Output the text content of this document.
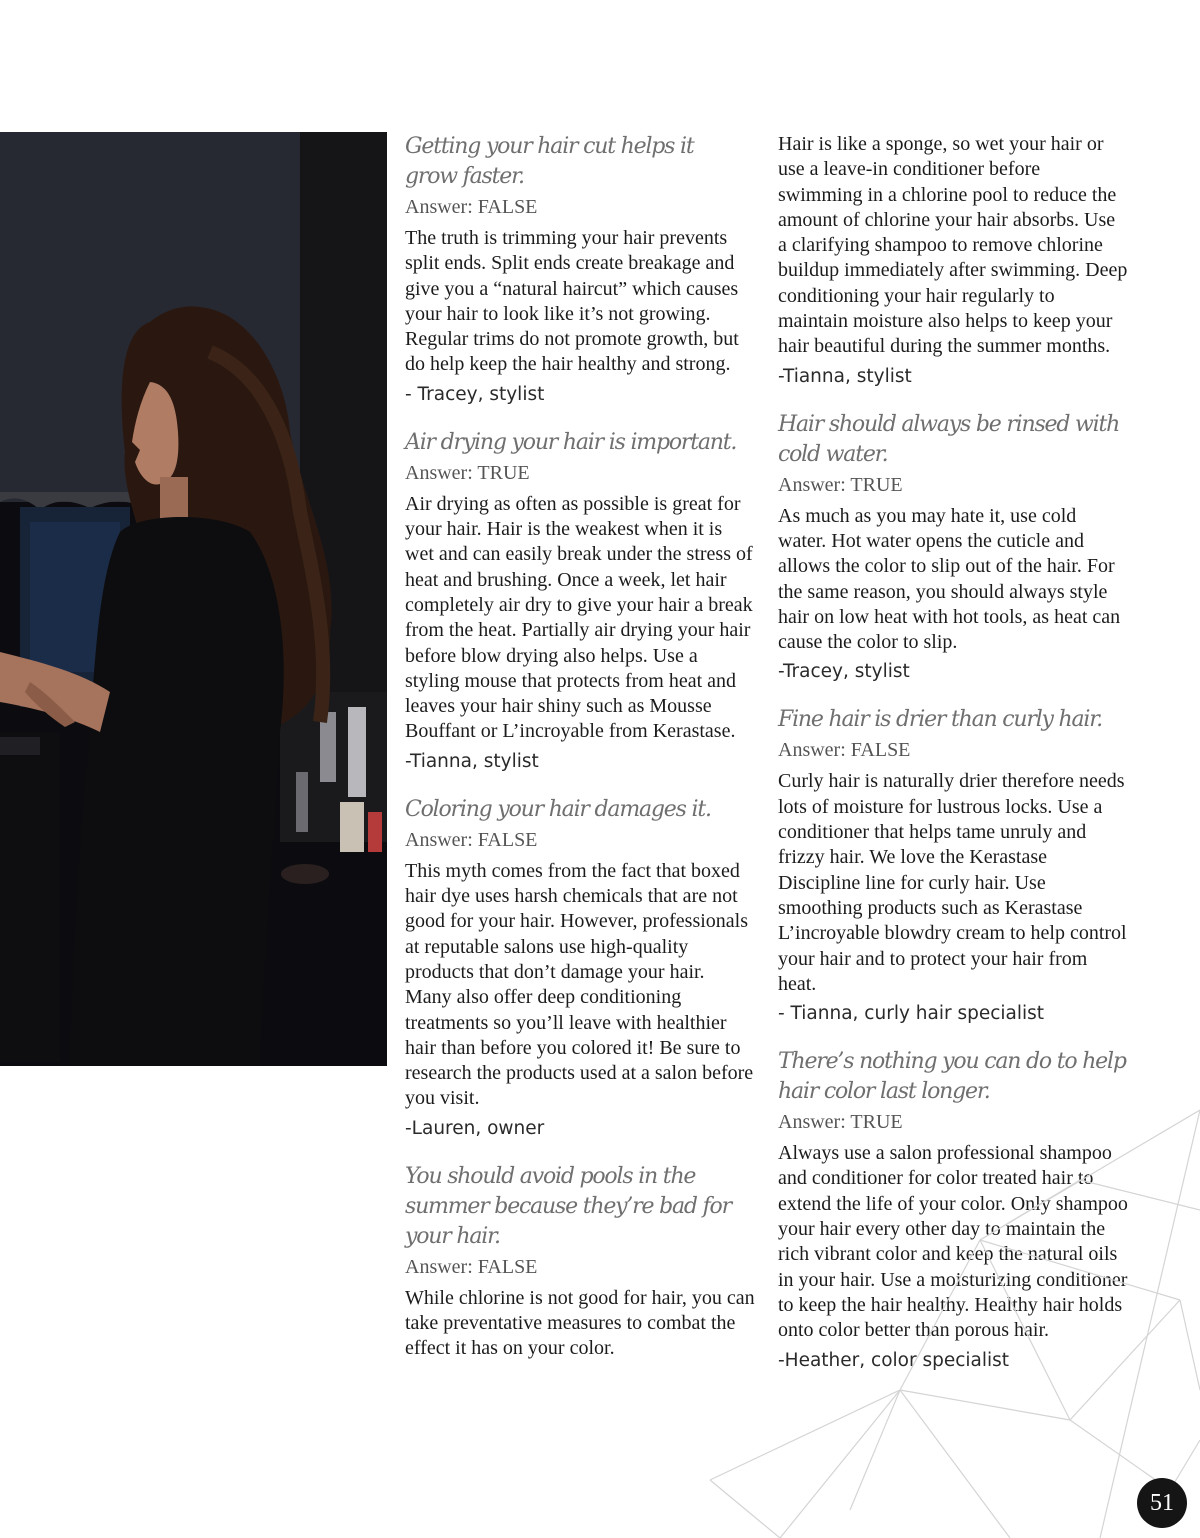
Getting your hair cut helps it grow faster.

Answer: FALSE

The truth is trimming your hair prevents split ends. Split ends create breakage and give you a “natural haircut” which causes your hair to look like it’s not growing. Regular trims do not promote growth, but do help keep the hair healthy and strong.

- Tracey, stylist

Air drying your hair is important.

Answer: TRUE

Air drying as often as possible is great for your hair. Hair is the weakest when it is wet and can easily break under the stress of heat and brushing. Once a week, let hair completely air dry to give your hair a break from the heat. Partially air drying your hair before blow drying also helps. Use a styling mouse that protects from heat and leaves your hair shiny such as Mousse Bouffant or L’incroyable from Kerastase.

-Tianna, stylist

Coloring your hair damages it.

Answer: FALSE

This myth comes from the fact that boxed hair dye uses harsh chemicals that are not good for your hair. However, professionals at reputable salons use high-quality products that don’t damage your hair. Many also offer deep conditioning treatments so you’ll leave with healthier hair than before you colored it! Be sure to research the products used at a salon before you visit.

-Lauren, owner

You should avoid pools in the summer because they’re bad for your hair.

Answer: FALSE

While chlorine is not good for hair, you can take preventative measures to combat the effect it has on your color.

Hair is like a sponge, so wet your hair or use a leave-in conditioner before swimming in a chlorine pool to reduce the amount of chlorine your hair absorbs. Use a clarifying shampoo to remove chlorine buildup immediately after swimming. Deep conditioning your hair regularly to maintain moisture also helps to keep your hair beautiful during the summer months.

-Tianna, stylist

Hair should always be rinsed with cold water.

Answer: TRUE

As much as you may hate it, use cold water. Hot water opens the cuticle and allows the color to slip out of the hair. For the same reason, you should always style hair on low heat with hot tools, as heat can cause the color to slip.

-Tracey, stylist

Fine hair is drier than curly hair.

Answer: FALSE

Curly hair is naturally drier therefore needs lots of moisture for lustrous locks. Use a conditioner that helps tame unruly and frizzy hair. We love the Kerastase Discipline line for curly hair. Use smoothing products such as Kerastase L’incroyable blowdry cream to help control your hair and to protect your hair from heat.

- Tianna, curly hair specialist

There’s nothing you can do to help hair color last longer.

Answer: TRUE

Always use a salon professional shampoo and conditioner for color treated hair to extend the life of your color. Only shampoo your hair every other day to maintain the rich vibrant color and keep the natural oils in your hair. Use a moisturizing conditioner to keep the hair healthy. Healthy hair holds onto color better than porous hair.

-Heather, color specialist

51
